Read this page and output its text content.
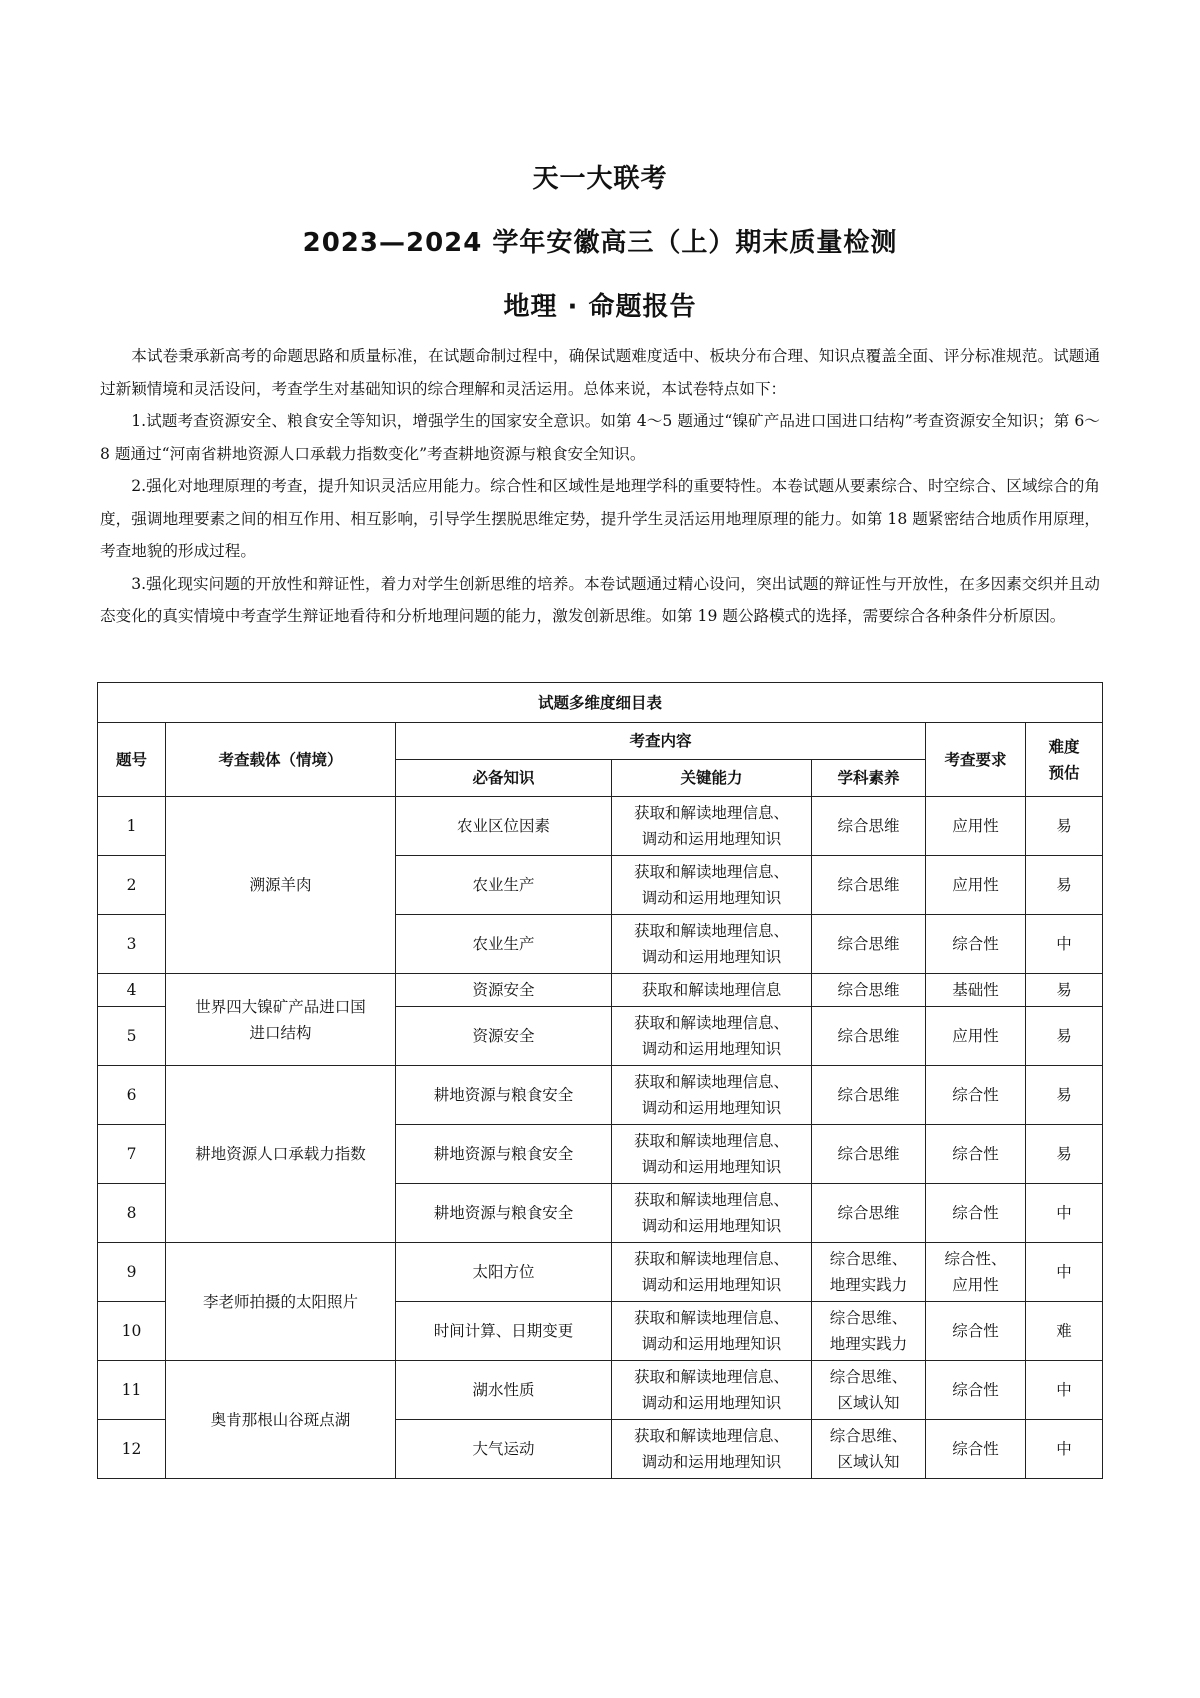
天一大联考
2023—2024 学年安徽高三（上）期末质量检测
地理 · 命题报告

本试卷秉承新高考的命题思路和质量标准，在试题命制过程中，确保试题难度适中、板块分布合理、知识点覆盖全面、评分标准规范。试题通过新颖情境和灵活设问，考查学生对基础知识的综合理解和灵活运用。总体来说，本试卷特点如下：

1.试题考查资源安全、粮食安全等知识，增强学生的国家安全意识。如第 4～5 题通过“镍矿产品进口国进口结构”考查资源安全知识；第 6～8 题通过“河南省耕地资源人口承载力指数变化”考查耕地资源与粮食安全知识。

2.强化对地理原理的考查，提升知识灵活应用能力。综合性和区域性是地理学科的重要特性。本卷试题从要素综合、时空综合、区域综合的角度，强调地理要素之间的相互作用、相互影响，引导学生摆脱思维定势，提升学生灵活运用地理原理的能力。如第 18 题紧密结合地质作用原理，考查地貌的形成过程。

3.强化现实问题的开放性和辩证性，着力对学生创新思维的培养。本卷试题通过精心设问，突出试题的辩证性与开放性，在多因素交织并且动态变化的真实情境中考查学生辩证地看待和分析地理问题的能力，激发创新思维。如第 19 题公路模式的选择，需要综合各种条件分析原因。

试题多维度细目表						
题号	考查载体（情境）	考查内容			考查要求	难度预估
		必备知识	关键能力	学科素养		
1	溯源羊肉	农业区位因素	获取和解读地理信息、调动和运用地理知识	综合思维	应用性	易
2		农业生产	获取和解读地理信息、调动和运用地理知识	综合思维	应用性	易
3		农业生产	获取和解读地理信息、调动和运用地理知识	综合思维	综合性	中
4	世界四大镍矿产品进口国进口结构	资源安全	获取和解读地理信息	综合思维	基础性	易
5		资源安全	获取和解读地理信息、调动和运用地理知识	综合思维	应用性	易
6	耕地资源人口承载力指数	耕地资源与粮食安全	获取和解读地理信息、调动和运用地理知识	综合思维	综合性	易
7		耕地资源与粮食安全	获取和解读地理信息、调动和运用地理知识	综合思维	综合性	易
8		耕地资源与粮食安全	获取和解读地理信息、调动和运用地理知识	综合思维	综合性	中
9	李老师拍摄的太阳照片	太阳方位	获取和解读地理信息、调动和运用地理知识	综合思维、地理实践力	综合性、应用性	中
10		时间计算、日期变更	获取和解读地理信息、调动和运用地理知识	综合思维、地理实践力	综合性	难
11	奥肯那根山谷斑点湖	湖水性质	获取和解读地理信息、调动和运用地理知识	综合思维、区域认知	综合性	中
12		大气运动	获取和解读地理信息、调动和运用地理知识	综合思维、区域认知	综合性	中
